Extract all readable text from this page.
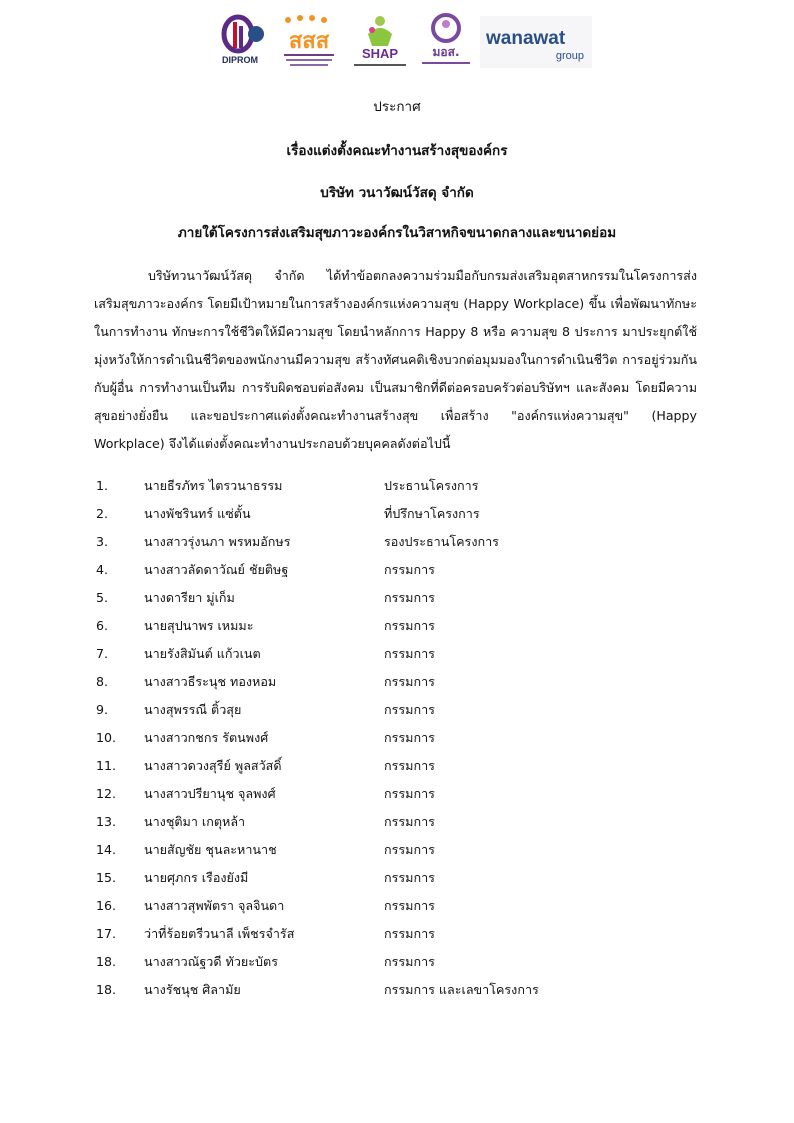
DIPROM
สสส	SHAP	มอส.
wanawat
group
ประกาศ
เรื่องแต่งตั้งคณะทำงานสร้างสุของค์กร
บริษัท วนาวัฒน์วัสดุ จำกัด
ภายใต้โครงการส่งเสริมสุขภาวะองค์กรในวิสาหกิจขนาดกลางและขนาดย่อม

บริษัทวนาวัฒน์วัสดุ จำกัด ได้ทำข้อตกลงความร่วมมือกับกรมส่งเสริมอุตสาหกรรมในโครงการส่งเสริมสุขภาวะองค์กร โดยมีเป้าหมายในการสร้างองค์กรแห่งความสุข (Happy Workplace) ขึ้น เพื่อพัฒนาทักษะในการทำงาน ทักษะการใช้ชีวิตให้มีความสุข โดยนำหลักการ Happy 8 หรือ ความสุข 8 ประการ มาประยุกต์ใช้ มุ่งหวังให้การดำเนินชีวิตของพนักงานมีความสุข สร้างทัศนคติเชิงบวกต่อมุมมองในการดำเนินชีวิต การอยู่ร่วมกันกับผู้อื่น การทำงานเป็นทีม การรับผิดชอบต่อสังคม เป็นสมาชิกที่ดีต่อครอบครัวต่อบริษัทฯ และสังคม โดยมีความสุขอย่างยั่งยืน และขอประกาศแต่งตั้งคณะทำงานสร้างสุข เพื่อสร้าง "องค์กรแห่งความสุข" (Happy Workplace) จึงได้แต่งตั้งคณะทำงานประกอบด้วยบุคคลดังต่อไปนี้

1.	นายธีรภัทร ไตรวนาธรรม	ประธานโครงการ
2.	นางพัชรินทร์ แซ่ตั้น	ที่ปรึกษาโครงการ
3.	นางสาวรุ่งนภา พรหมอักษร	รองประธานโครงการ
4.	นางสาวลัดดาวัณย์ ชัยติษฐ	กรรมการ
5.	นางดารียา มู่เก็ม	กรรมการ
6.	นายสุปนาพร เหมมะ	กรรมการ
7.	นายรังสิมันต์ แก้วเนต	กรรมการ
8.	นางสาวธีระนุช ทองหอม	กรรมการ
9.	นางสุพรรณี ติ้วสุย	กรรมการ
10. นางสาวกชกร รัตนพงศ์	กรรมการ
11. นางสาวดวงสุรีย์ พูลสวัสดิ์	กรรมการ
12. นางสาวปรียานุช จุลพงศ์	กรรมการ
13. นางชุติมา เกตุหล้า	กรรมการ
14. นายสัญชัย ชุนละหานาช	กรรมการ
15. นายศุภกร เรืองยังมี	กรรมการ
16. นางสาวสุพพัตรา จุลจินดา	กรรมการ
17. ว่าที่ร้อยตรีวนาลี เพ็ชรจำรัส	กรรมการ
18. นางสาวณัฐวดี ทัวยะบัตร	กรรมการ
18. นางรัชนุช ศิลามัย	กรรมการ และเลขาโครงการ
